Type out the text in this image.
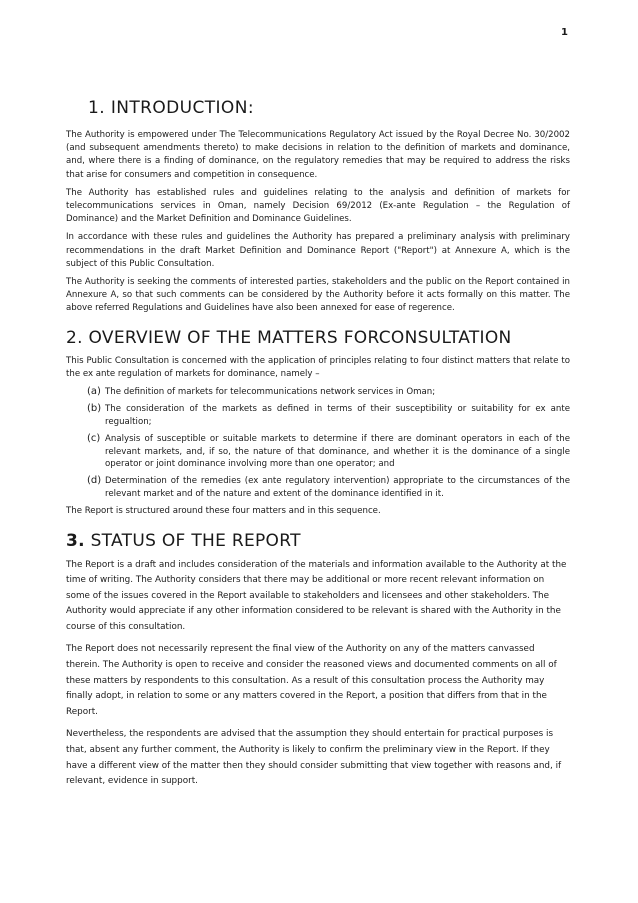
1
1. INTRODUCTION:

The Authority is empowered under The Telecommunications Regulatory Act issued by the Royal Decree No. 30/2002 (and subsequent amendments thereto) to make decisions in relation to the definition of markets and dominance, and, where there is a finding of dominance, on the regulatory remedies that may be required to address the risks that arise for consumers and competition in consequence.

The Authority has established rules and guidelines relating to the analysis and definition of markets for telecommunications services in Oman, namely Decision 69/2012 (Ex-ante Regulation – the Regulation of Dominance) and the Market Definition and Dominance Guidelines.

In accordance with these rules and guidelines the Authority has prepared a preliminary analysis with preliminary recommendations in the draft Market Definition and Dominance Report ("Report") at Annexure A, which is the subject of this Public Consultation.

The Authority is seeking the comments of interested parties, stakeholders and the public on the Report contained in Annexure A, so that such comments can be considered by the Authority before it acts formally on this matter. The above referred Regulations and Guidelines have also been annexed for ease of regerence.

2. OVERVIEW OF THE MATTERS FORCONSULTATION

This Public Consultation is concerned with the application of principles relating to four distinct matters that relate to the ex ante regulation of markets for dominance, namely –

(a) The definition of markets for telecommunications network services in Oman;
(b) The consideration of the markets as defined in terms of their susceptibility or suitability for ex ante regualtion;
(c) Analysis of susceptible or suitable markets to determine if there are dominant operators in each of the relevant markets, and, if so, the nature of that dominance, and whether it is the dominance of a single operator or joint dominance involving more than one operator; and
(d) Determination of the remedies (ex ante regulatory intervention) appropriate to the circumstances of the relevant market and of the nature and extent of the dominance identified in it.

The Report is structured around these four matters and in this sequence.

3. STATUS OF THE REPORT

The Report is a draft and includes consideration of the materials and information available to the Authority at the time of writing. The Authority considers that there may be additional or more recent relevant information on some of the issues covered in the Report available to stakeholders and licensees and other stakeholders. The Authority would appreciate if any other information considered to be relevant is shared with the Authority in the course of this consultation.

The Report does not necessarily represent the final view of the Authority on any of the matters canvassed therein. The Authority is open to receive and consider the reasoned views and documented comments on all of these matters by respondents to this consultation. As a result of this consultation process the Authority may finally adopt, in relation to some or any matters covered in the Report, a position that differs from that in the Report.

Nevertheless, the respondents are advised that the assumption they should entertain for practical purposes is that, absent any further comment, the Authority is likely to confirm the preliminary view in the Report. If they have a different view of the matter then they should consider submitting that view together with reasons and, if relevant, evidence in support.
